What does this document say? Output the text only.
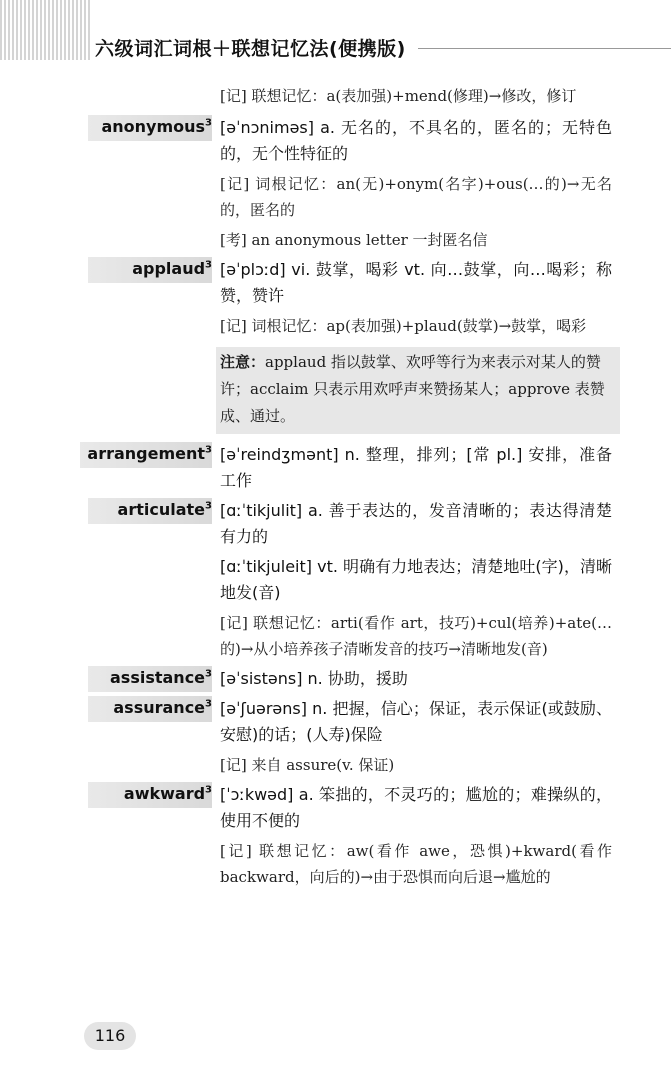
六级词汇词根＋联想记忆法(便携版)

[记] 联想记忆：a(表加强)+mend(修理)→修改，修订

anonymous$^3$ [əˈnɔniməs] a. 无名的，不具名的，匿名的；无特色的，无个性特征的

[记] 词根记忆：an(无)+onym(名字)+ous(…的)→无名的，匿名的

[考] an anonymous letter 一封匿名信

applaud$^3$ [əˈplɔːd] vi. 鼓掌，喝彩 vt. 向…鼓掌，向…喝彩；称赞，赞许

[记] 词根记忆：ap(表加强)+plaud(鼓掌)→鼓掌，喝彩

注意：applaud 指以鼓掌、欢呼等行为来表示对某人的赞许；acclaim 只表示用欢呼声来赞扬某人；approve 表赞成、通过。
arrangement$^3$ [əˈreindʒmənt] n. 整理，排列；[常 pl.] 安排，准备工作

articulate$^3$ [ɑːˈtikjulit] a. 善于表达的，发音清晰的；表达得清楚有力的

[ɑːˈtikjuleit] vt. 明确有力地表达；清楚地吐(字)，清晰地发(音)

[记] 联想记忆：arti(看作 art，技巧)+cul(培养)+ate(…的)→从小培养孩子清晰发音的技巧→清晰地发(音)

assistance$^3$ [əˈsistəns] n. 协助，援助

assurance$^3$ [əˈʃuərəns] n. 把握，信心；保证，表示保证(或鼓励、安慰)的话；(人寿)保险

[记] 来自 assure(v. 保证)

awkward$^3$ [ˈɔːkwəd] a. 笨拙的，不灵巧的；尴尬的；难操纵的，使用不便的

[记] 联想记忆：aw(看作 awe，恐惧)+kward(看作 backward，向后的)→由于恐惧而向后退→尴尬的

116
